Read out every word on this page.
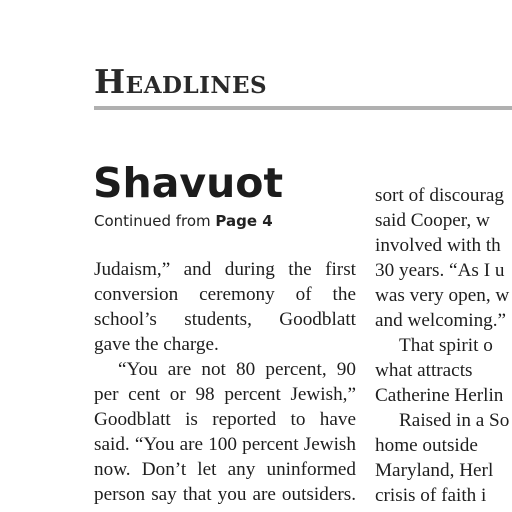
Headlines
Shavuot
Continued from Page 4
Judaism,” and during the first
conversion ceremony of the
school’s students, Goodblatt
gave the charge.
“You are not 80 percent, 90
per cent or 98 percent Jewish,”
Goodblatt is reported to have
said. “You are 100 percent Jewish
now. Don’t let any uninformed
person say that you are outsiders.
sort of discourag
said Cooper, w
involved with th
30 years. “As I u
was very open, w
and welcoming.”
That spirit o
what attracts
Catherine Herlin
Raised in a So
home outside
Maryland, Herl
crisis of faith i
